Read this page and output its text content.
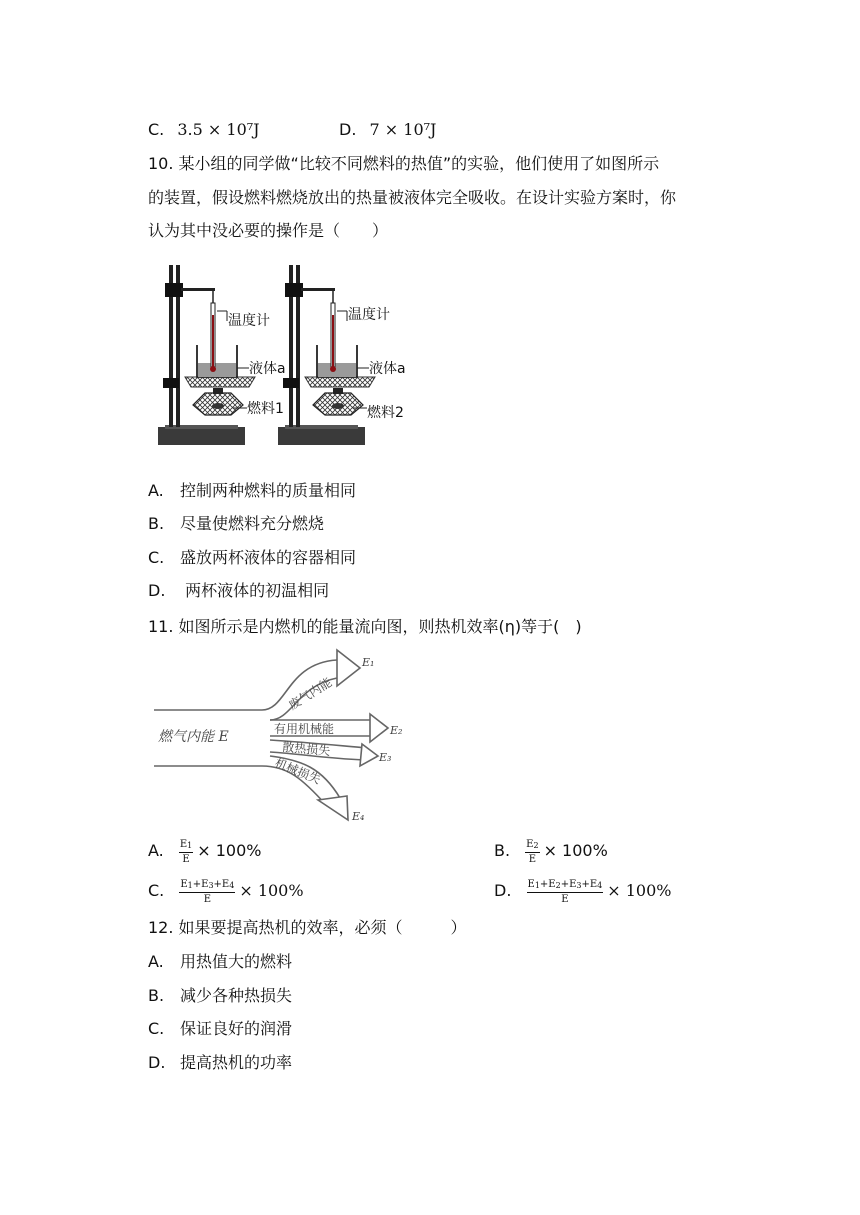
C. 3.5 × 10⁷J	D. 7 × 10⁷J
10. 某小组的同学做“比较不同燃料的热值”的实验，他们使用了如图所示
的装置，假设燃料燃烧放出的热量被液体完全吸收。在设计实验方案时，你
认为其中没必要的操作是（　　）
温度计
液体a
燃料1
温度计
液体a
燃料2
A. 控制两种燃料的质量相同
B. 尽量使燃料充分燃烧
C. 盛放两杯液体的容器相同
D. 两杯液体的初温相同
11. 如图所示是内燃机的能量流向图，则热机效率(η)等于(　)
燃气内能 E
废气内能
有用机械能
散热损失
机械损失
E₁
E₂
E₃
E₄
A. $\frac{E_1}{E} \times 100\%$	B. $\frac{E_2}{E} \times 100\%$
C. $\frac{E_1+E_3+E_4}{E} \times 100\%$	D. $\frac{E_1+E_2+E_3+E_4}{E} \times 100\%$
12. 如果要提高热机的效率，必须（　　　）
A. 用热值大的燃料
B. 减少各种热损失
C. 保证良好的润滑
D. 提高热机的功率
